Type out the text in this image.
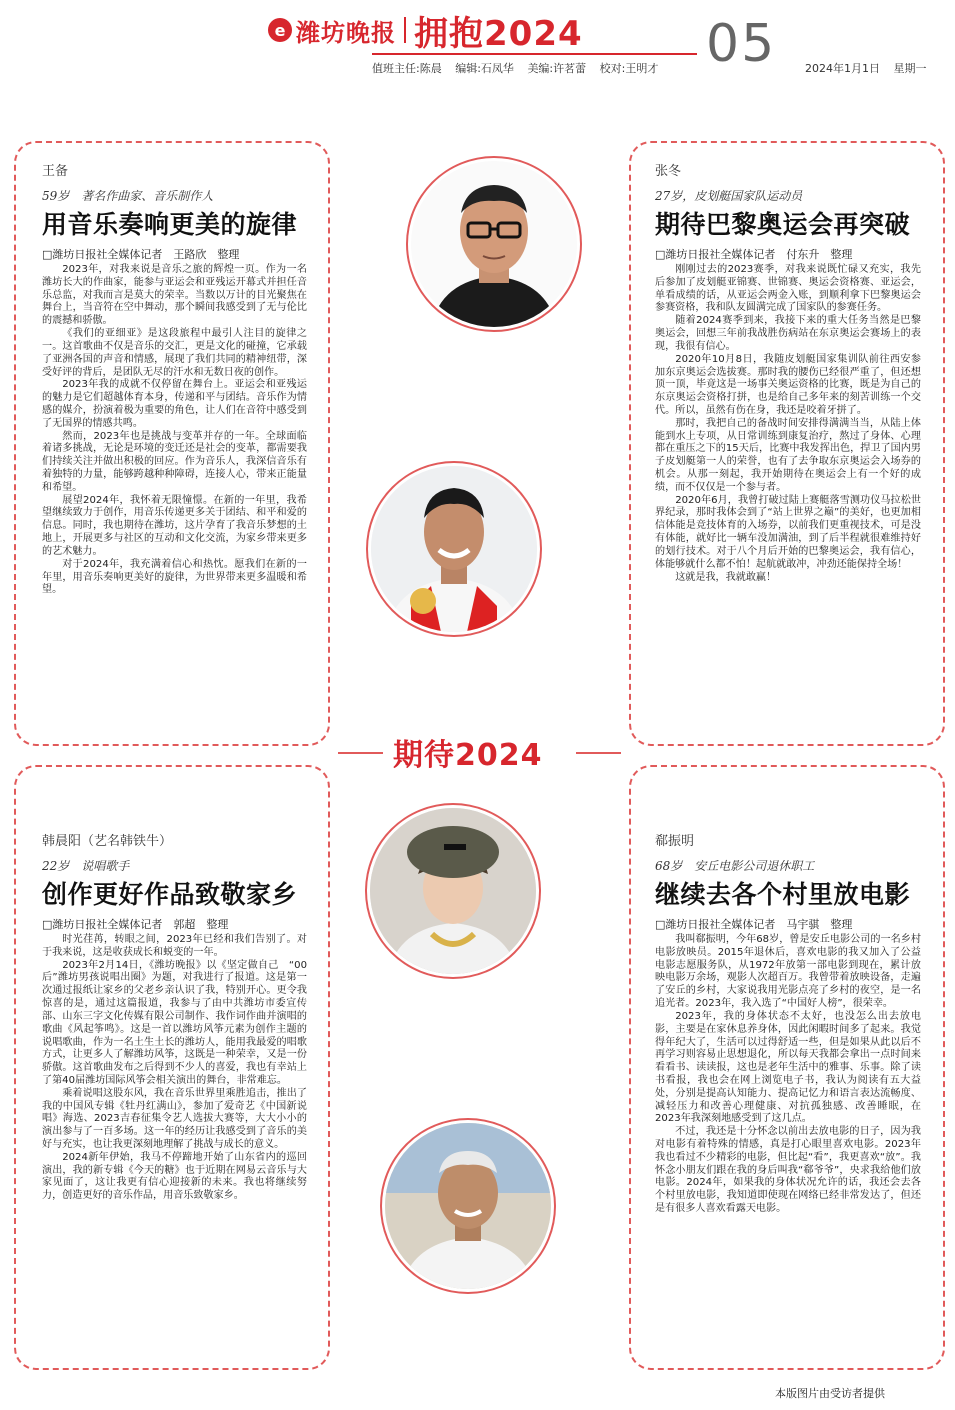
e 潍坊晚报 拥抱2024
值班主任:陈晨 编辑:石凤华 美编:许茗蕾 校对:王明才 05	2024年1月1日 星期一
王备
59岁　著名作曲家、音乐制作人
用音乐奏响更美的旋律
□潍坊日报社全媒体记者　王路欣　整理

2023年，对我来说是音乐之旅的辉煌一页。作为一名潍坊长大的作曲家，能参与亚运会和亚残运开幕式并担任音乐总监，对我而言是莫大的荣幸。当数以万计的目光聚焦在舞台上，当音符在空中舞动，那个瞬间我感受到了无与伦比的震撼和骄傲。

《我们的亚细亚》是这段旅程中最引人注目的旋律之一。这首歌曲不仅是音乐的交汇，更是文化的碰撞，它承载了亚洲各国的声音和情感，展现了我们共同的精神纽带，深受好评的背后，是团队无尽的汗水和无数日夜的创作。

2023年我的成就不仅停留在舞台上。亚运会和亚残运的魅力是它们超越体育本身，传递和平与团结。音乐作为情感的媒介，扮演着极为重要的角色，让人们在音符中感受到了无国界的情感共鸣。

然而，2023年也是挑战与变革并存的一年。全球面临着诸多挑战，无论是环境的变迁还是社会的变革，都需要我们持续关注并做出积极的回应。作为音乐人，我深信音乐有着独特的力量，能够跨越种种障碍，连接人心，带来正能量和希望。

展望2024年，我怀着无限憧憬。在新的一年里，我希望继续致力于创作，用音乐传递更多关于团结、和平和爱的信息。同时，我也期待在潍坊，这片孕育了我音乐梦想的土地上，开展更多与社区的互动和文化交流，为家乡带来更多的艺术魅力。

对于2024年，我充满着信心和热忱。愿我们在新的一年里，用音乐奏响更美好的旋律，为世界带来更多温暖和希望。

张冬
27岁，皮划艇国家队运动员
期待巴黎奥运会再突破
□潍坊日报社全媒体记者　付东升　整理

刚刚过去的2023赛季，对我来说既忙碌又充实，我先后参加了皮划艇亚锦赛、世锦赛、奥运会资格赛、亚运会，单看成绩的话，从亚运会两金入账，到顺利拿下巴黎奥运会参赛资格，我和队友圆满完成了国家队的参赛任务。

随着2024赛季到来，我接下来的重大任务当然是巴黎奥运会，回想三年前我战胜伤病站在东京奥运会赛场上的表现，我很有信心。

2020年10月8日，我随皮划艇国家集训队前往西安参加东京奥运会选拔赛。那时我的腰伤已经很严重了，但还想顶一顶，毕竟这是一场事关奥运资格的比赛，既是为自己的东京奥运会资格打拼，也是给自己多年来的刻苦训练一个交代。所以，虽然有伤在身，我还是咬着牙拼了。

那时，我把自己的备战时间安排得满满当当，从陆上体能到水上专项，从日常训练到康复治疗，熬过了身体、心理都在重压之下的15天后，比赛中我发挥出色，捍卫了国内男子皮划艇第一人的荣誉，也有了去争取东京奥运会入场券的机会。从那一刻起，我开始期待在奥运会上有一个好的成绩，而不仅仅是一个参与者。

2020年6月，我曾打破过陆上赛艇落雪测功仪马拉松世界纪录，那时我体会到了“站上世界之巅”的美好，也更加相信体能是竞技体育的入场券，以前我们更重视技术，可是没有体能，就好比一辆车没加满油，到了后半程就很难维持好的划行技术。对于八个月后开始的巴黎奥运会，我有信心，体能够就什么都不怕！起航就敢冲，冲劲还能保持全场！

这就是我，我就敢赢！

韩晨阳（艺名韩铁牛）
22岁　说唱歌手
创作更好作品致敬家乡
□潍坊日报社全媒体记者　郭超　整理

时光荏苒，转眼之间，2023年已经和我们告别了。对于我来说，这是收获成长和蜕变的一年。

2023年2月14日，《潍坊晚报》以《坚定做自己　“00后”潍坊男孩说唱出圈》为题，对我进行了报道。这是第一次通过报纸让家乡的父老乡亲认识了我，特别开心。更令我惊喜的是，通过这篇报道，我参与了由中共潍坊市委宣传部、山东三字文化传媒有限公司制作、我作词作曲并演唱的歌曲《风起筝鸣》。这是一首以潍坊风筝元素为创作主题的说唱歌曲，作为一名土生土长的潍坊人，能用我最爱的唱歌方式，让更多人了解潍坊风筝，这既是一种荣幸，又是一份骄傲。这首歌曲发布之后得到不少人的喜爱，我也有幸站上了第40届潍坊国际风筝会相关演出的舞台，非常难忘。

乘着说唱这股东风，我在音乐世界里乘胜追击，推出了我的中国风专辑《牡丹红满山》，参加了爱奇艺《中国新说唱》海选、2023吉春征集令艺人选拔大赛等，大大小小的演出参与了一百多场。这一年的经历让我感受到了音乐的美好与充实，也让我更深刻地理解了挑战与成长的意义。

2024新年伊始，我马不停蹄地开始了山东省内的巡回演出，我的新专辑《今天的糖》也于近期在网易云音乐与大家见面了，这让我更有信心迎接新的未来。我也将继续努力，创造更好的音乐作品，用音乐致敬家乡。

郗振明
68岁　安丘电影公司退休职工
继续去各个村里放电影
□潍坊日报社全媒体记者　马宇骐　整理

我叫郗振明，今年68岁，曾是安丘电影公司的一名乡村电影放映员。2015年退休后，喜欢电影的我又加入了公益电影志愿服务队，从1972年放第一部电影到现在，累计放映电影万余场，观影人次超百万。我曾带着放映设备，走遍了安丘的乡村，大家说我用光影点亮了乡村的夜空，是一名追光者。2023年，我入选了“中国好人榜”，很荣幸。

2023年，我的身体状态不太好，也没怎么出去放电影，主要是在家休息养身体，因此闲暇时间多了起来。我觉得年纪大了，生活可以过得舒适一些，但是如果从此以后不再学习则容易止思想退化，所以每天我都会拿出一点时间来看看书、读读报，这也是老年生活中的雅事、乐事。除了读书看报，我也会在网上浏览电子书，我认为阅读有五大益处，分别是提高认知能力、提高记忆力和语言表达流畅度、减轻压力和改善心理健康、对抗孤独感、改善睡眠，在2023年我深刻地感受到了这几点。

不过，我还是十分怀念以前出去放电影的日子，因为我对电影有着特殊的情感，真是打心眼里喜欢电影。2023年我也看过不少精彩的电影，但比起“看”，我更喜欢“放”。我怀念小朋友们跟在我的身后叫我“郗爷爷”，央求我给他们放电影。2024年，如果我的身体状况允许的话，我还会去各个村里放电影，我知道即使现在网络已经非常发达了，但还是有很多人喜欢看露天电影。

期待2024
本版图片由受访者提供
